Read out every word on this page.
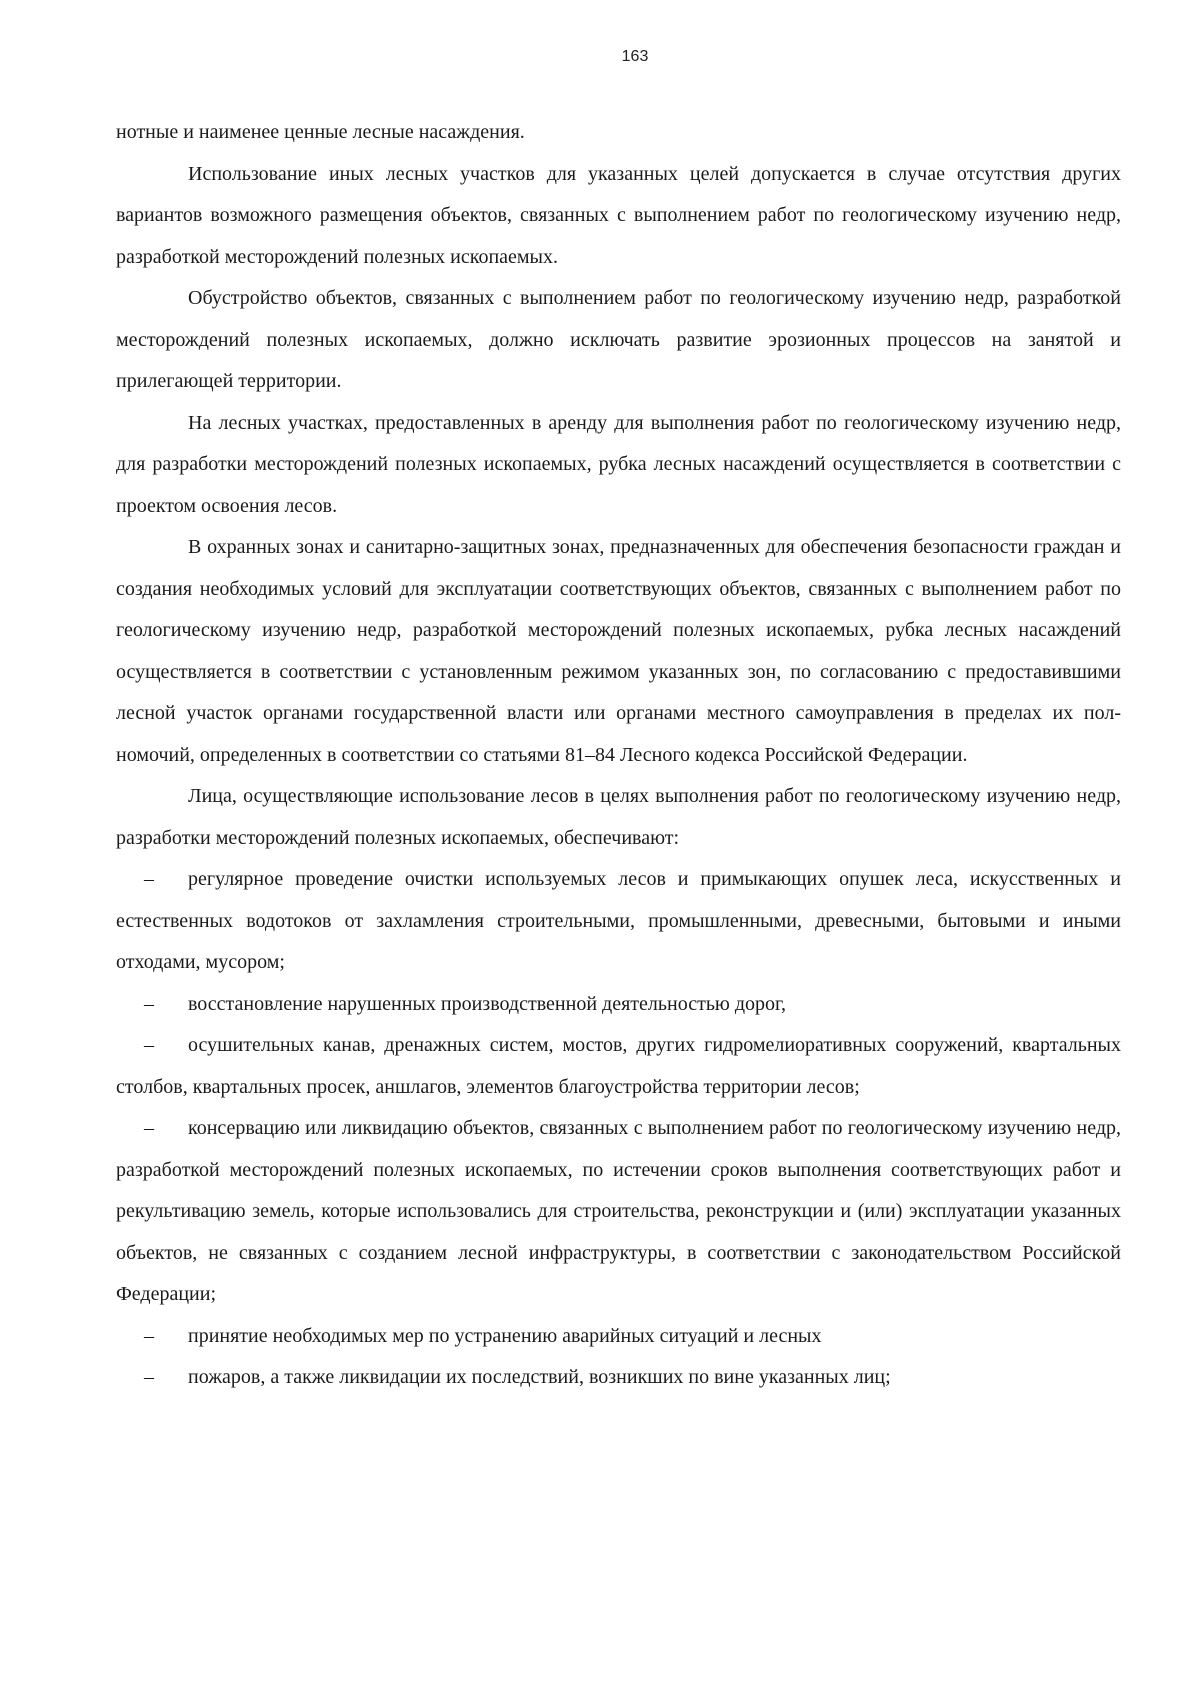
163

нотные и наименее ценные лесные насаждения.

Использование иных лесных участков для указанных целей допускается в случае отсутствия других вариантов возможного размещения объектов, связанных с выполнением работ по геологическому изучению недр, разработкой месторождений полезных ископаемых.

Обустройство объектов, связанных с выполнением работ по геологическому изучению недр, разработкой месторождений полезных ископаемых, должно исключать развитие эрозионных процессов на занятой и прилегающей территории.

На лесных участках, предоставленных в аренду для выполнения работ по геологическому изучению недр, для разработки месторождений полезных ископаемых, рубка лесных насаждений осуществляется в соответствии с проектом освоения лесов.

В охранных зонах и санитарно-защитных зонах, предназначенных для обеспечения безопасности граждан и создания необходимых условий для эксплуатации соответствующих объектов, связанных с выполнением работ по геологическому изучению недр, разработкой месторождений полезных ископаемых, рубка лесных насаждений осуществляется в соответствии с установленным режимом указанных зон, по согласованию с предоставившими лесной участок органами государственной власти или органами местного самоуправления в пределах их полномочий, определенных в соответствии со статьями 81–84 Лесного кодекса Российской Федерации.

Лица, осуществляющие использование лесов в целях выполнения работ по геологическому изучению недр, разработки месторождений полезных ископаемых, обеспечивают:

– регулярное проведение очистки используемых лесов и примыкающих опушек леса, искусственных и естественных водотоков от захламления строительными, промышленными, древесными, бытовыми и иными отходами, мусором;

– восстановление нарушенных производственной деятельностью дорог,

– осушительных канав, дренажных систем, мостов, других гидромелиоративных сооружений, квартальных столбов, квартальных просек, аншлагов, элементов благоустройства территории лесов;

– консервацию или ликвидацию объектов, связанных с выполнением работ по геологическому изучению недр, разработкой месторождений полезных ископаемых, по истечении сроков выполнения соответствующих работ и рекультивацию земель, которые использовались для строительства, реконструкции и (или) эксплуатации указанных объектов, не связанных с созданием лесной инфраструктуры, в соответствии с законодательством Российской Федерации;

– принятие необходимых мер по устранению аварийных ситуаций и лесных

– пожаров, а также ликвидации их последствий, возникших по вине указанных лиц;
